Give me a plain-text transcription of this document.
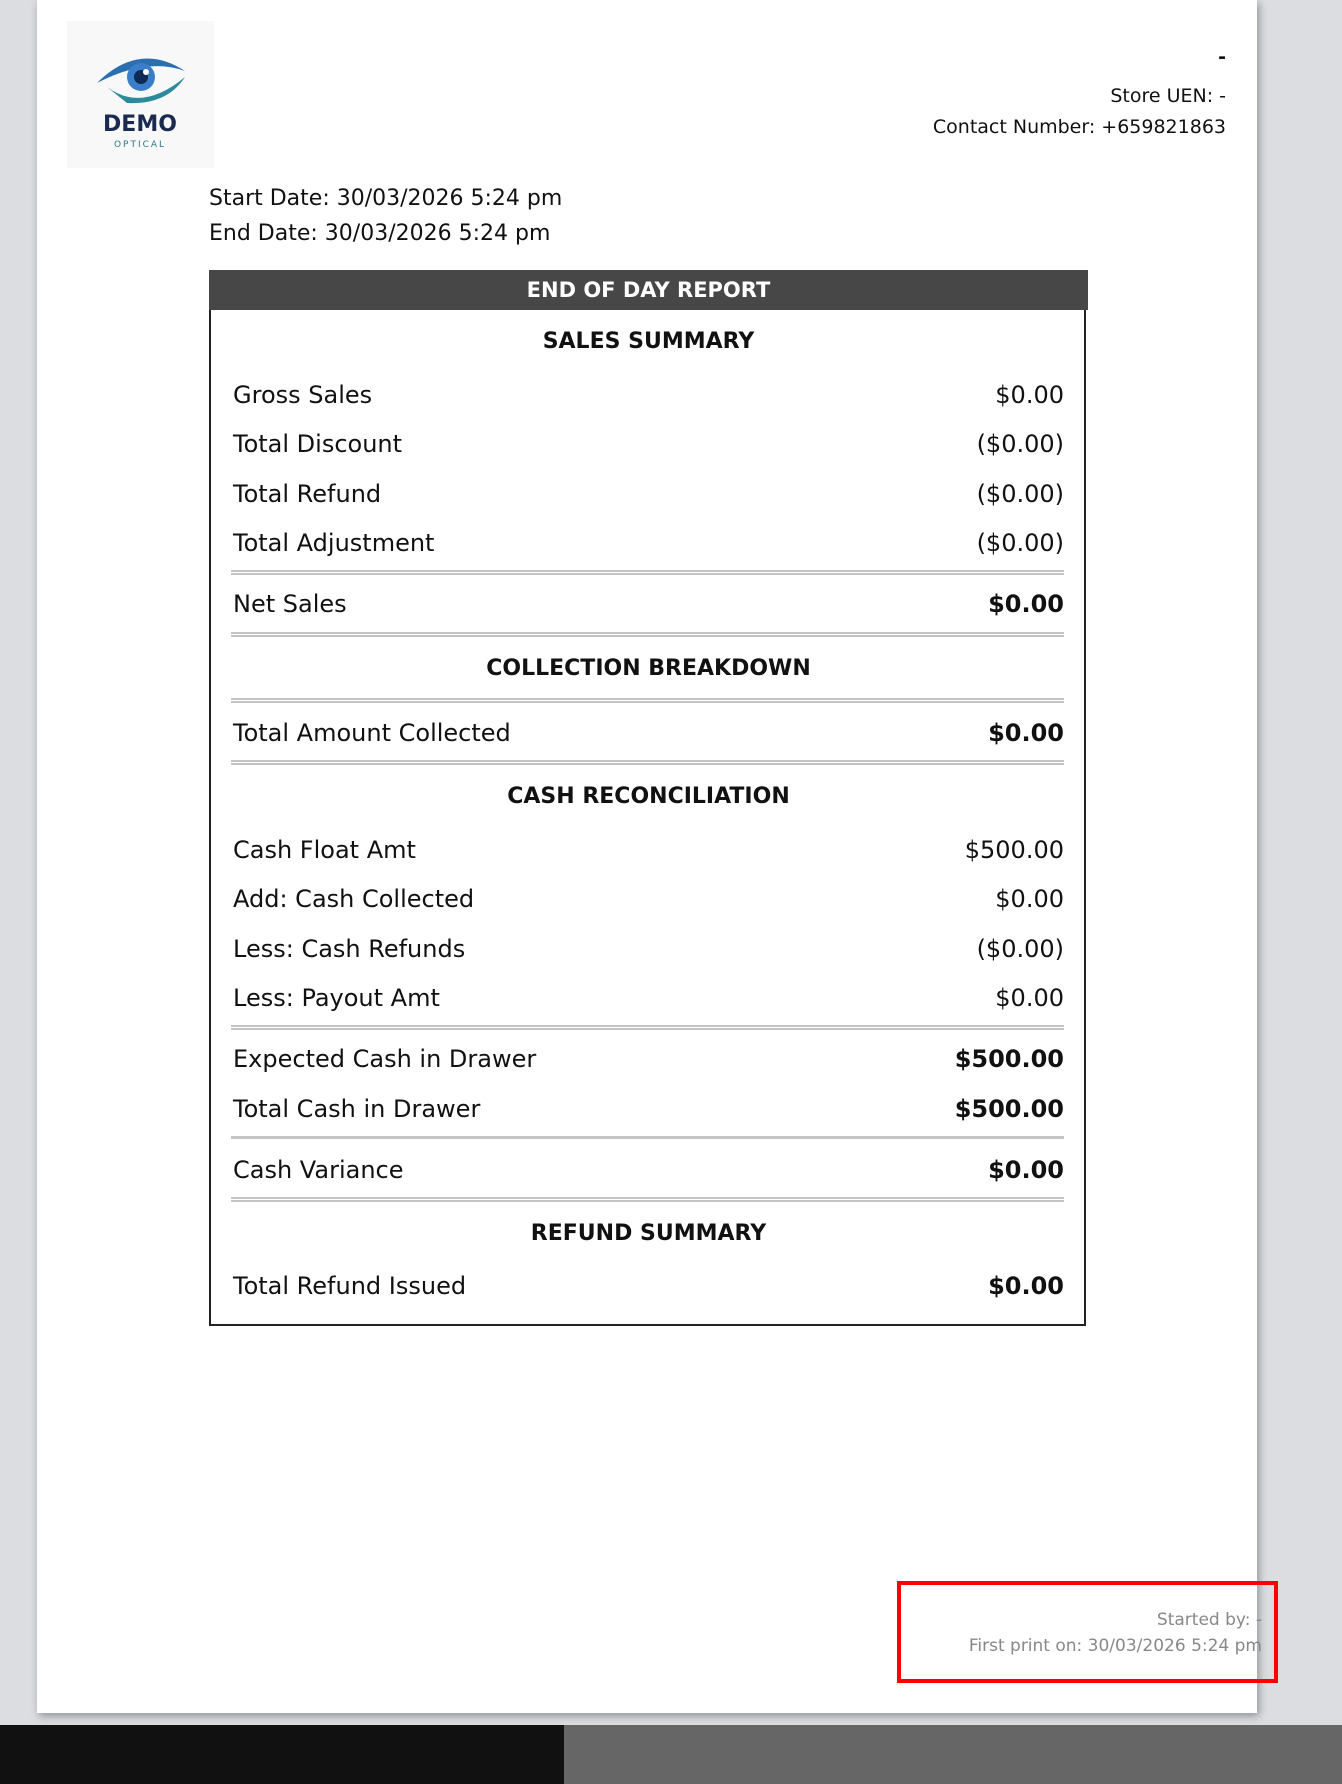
DEMO
OPTICAL
-
Store UEN: -
Contact Number: +659821863
Start Date: 30/03/2026 5:24 pm
End Date: 30/03/2026 5:24 pm
END OF DAY REPORT
SALES SUMMARY
Gross Sales	$0.00
Total Discount	($0.00)
Total Refund	($0.00)
Total Adjustment	($0.00)
Net Sales	$0.00
COLLECTION BREAKDOWN
Total Amount Collected	$0.00
CASH RECONCILIATION
Cash Float Amt	$500.00
Add: Cash Collected	$0.00
Less: Cash Refunds	($0.00)
Less: Payout Amt	$0.00
Expected Cash in Drawer	$500.00
Total Cash in Drawer	$500.00
Cash Variance	$0.00
REFUND SUMMARY
Total Refund Issued	$0.00
Started by: -
First print on: 30/03/2026 5:24 pm
